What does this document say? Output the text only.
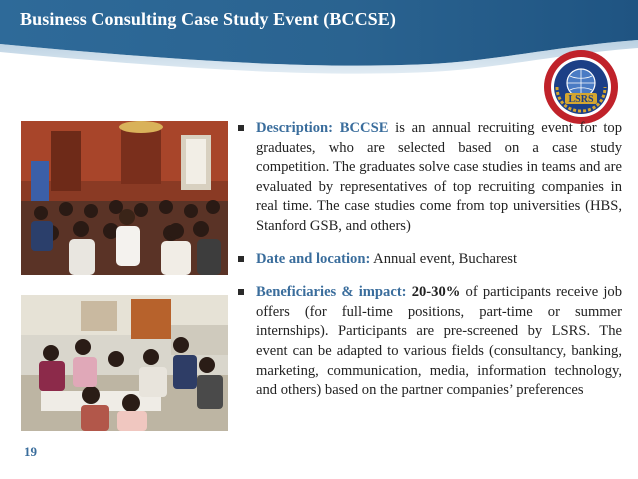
Business Consulting Case Study Event (BCCSE)
LSRS
19
Description: BCCSE is an annual recruiting event for top graduates, who are selected based on a case study competition. The graduates solve case studies in teams and are evaluated by representatives of top recruiting companies in real time. The case studies come from top universities (HBS, Stanford GSB, and others)
Date and location: Annual event, Bucharest
Beneficiaries & impact: 20-30% of participants receive job offers (for full-time positions, part-time or summer internships). Participants are pre-screened by LSRS. The event can be adapted to various fields (consultancy, banking, marketing, communication, media, information technology, and others) based on the partner companies’ preferences
